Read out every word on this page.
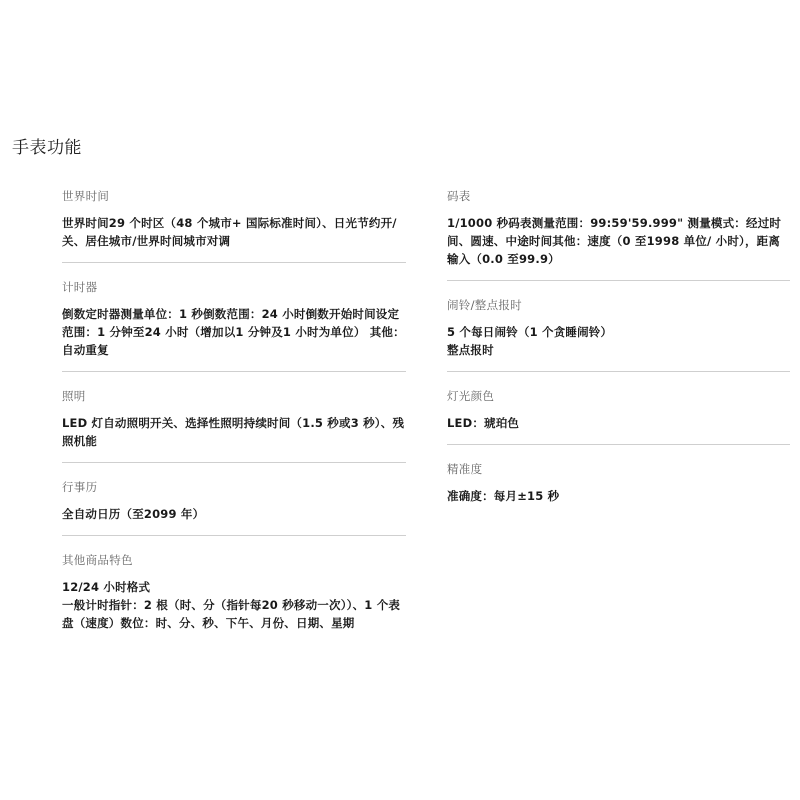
手表功能
世界时间

世界时间29 个时区（48 个城市+ 国际标准时间）、日光节约开/关、居住城市/世界时间城市对调

计时器

倒数定时器测量单位：1 秒倒数范围：24 小时倒数开始时间设定范围：1 分钟至24 小时（增加以1 分钟及1 小时为单位） 其他：自动重复

照明

LED 灯自动照明开关、选择性照明持续时间（1.5 秒或3 秒）、残照机能

行事历

全自动日历（至2099 年）

其他商品特色

12/24 小时格式
一般计时指针：2 根（时、分（指针每20 秒移动一次））、1 个表盘（速度）数位：时、分、秒、下午、月份、日期、星期

码表

1/1000 秒码表测量范围：99:59'59.999" 测量模式：经过时间、圆速、中途时间其他：速度（0 至1998 单位/ 小时），距离输入（0.0 至99.9）

闹铃/整点报时

5 个每日闹铃（1 个贪睡闹铃）
整点报时

灯光颜色

LED：琥珀色

精准度

准确度：每月±15 秒
